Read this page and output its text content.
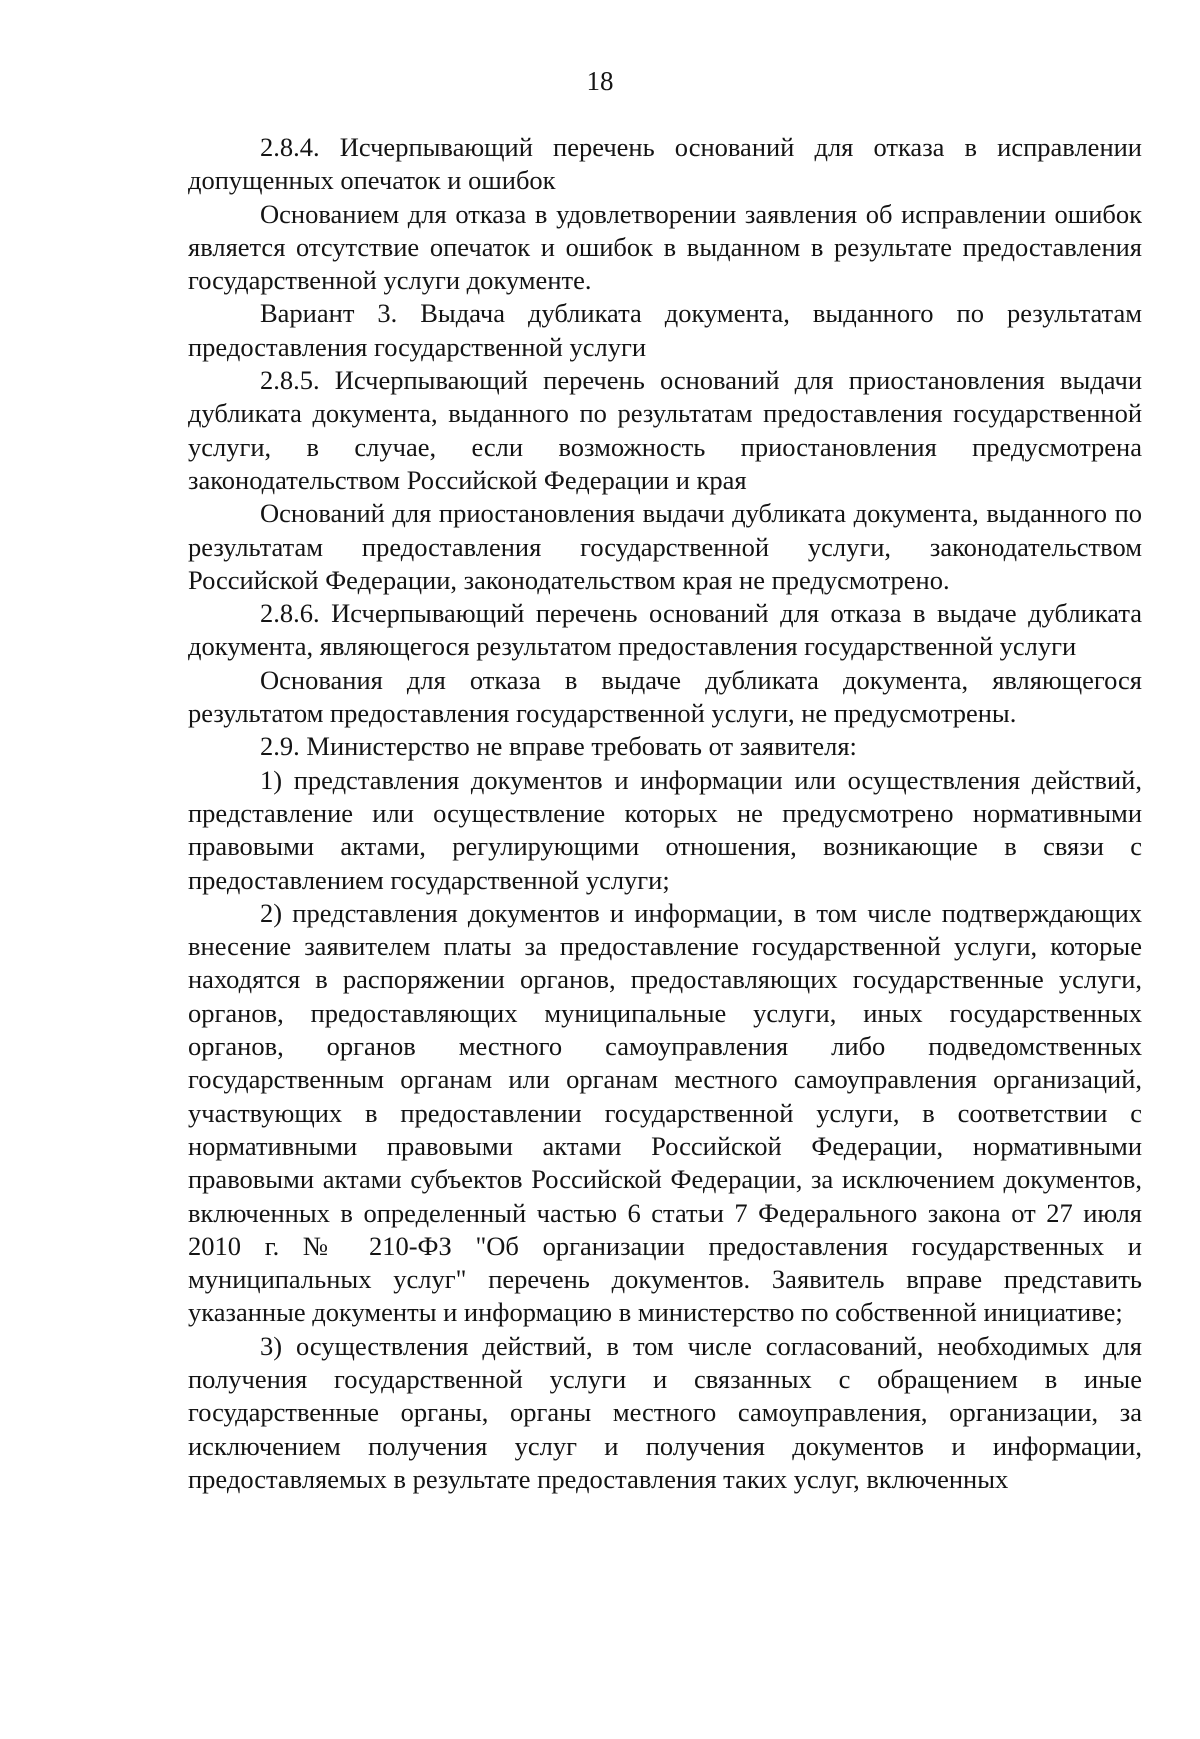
18

2.8.4. Исчерпывающий перечень оснований для отказа в исправлении допущенных опечаток и ошибок

Основанием для отказа в удовлетворении заявления об исправлении ошибок является отсутствие опечаток и ошибок в выданном в результате предоставления государственной услуги документе.

Вариант 3. Выдача дубликата документа, выданного по результатам предоставления государственной услуги

2.8.5. Исчерпывающий перечень оснований для приостановления выдачи дубликата документа, выданного по результатам предоставления государственной услуги, в случае, если возможность приостановления предусмотрена законодательством Российской Федерации и края

Оснований для приостановления выдачи дубликата документа, выданного по результатам предоставления государственной услуги, законодательством Российской Федерации, законодательством края не предусмотрено.

2.8.6. Исчерпывающий перечень оснований для отказа в выдаче дубликата документа, являющегося результатом предоставления государственной услуги

Основания для отказа в выдаче дубликата документа, являющегося результатом предоставления государственной услуги, не предусмотрены.

2.9. Министерство не вправе требовать от заявителя:

1) представления документов и информации или осуществления действий, представление или осуществление которых не предусмотрено нормативными правовыми актами, регулирующими отношения, возникающие в связи с предоставлением государственной услуги;

2) представления документов и информации, в том числе подтверждающих внесение заявителем платы за предоставление государственной услуги, которые находятся в распоряжении органов, предоставляющих государственные услуги, органов, предоставляющих муниципальные услуги, иных государственных органов, органов местного самоуправления либо подведомственных государственным органам или органам местного самоуправления организаций, участвующих в предоставлении государственной услуги, в соответствии с нормативными правовыми актами Российской Федерации, нормативными правовыми актами субъектов Российской Федерации, за исключением документов, включенных в определенный частью 6 статьи 7 Федерального закона от 27 июля 2010 г. № 210-ФЗ "Об организации предоставления государственных и муниципальных услуг" перечень документов. Заявитель вправе представить указанные документы и информацию в министерство по собственной инициативе;

3) осуществления действий, в том числе согласований, необходимых для получения государственной услуги и связанных с обращением в иные государственные органы, органы местного самоуправления, организации, за исключением получения услуг и получения документов и информации, предоставляемых в результате предоставления таких услуг, включенных
